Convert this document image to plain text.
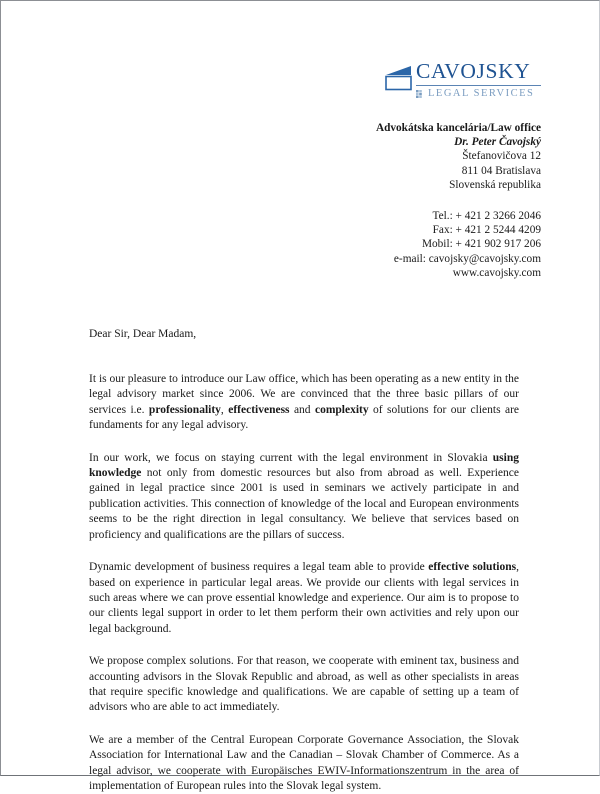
CAVOJSKY
LEGAL SERVICES
Advokátska kancelária/Law office
Dr. Peter Čavojský
Štefanovičova 12
811 04 Bratislava
Slovenská republika
Tel.: + 421 2 3266 2046
Fax: + 421 2 5244 4209
Mobil: + 421 902 917 206
e-mail: cavojsky@cavojsky.com
www.cavojsky.com
Dear Sir, Dear Madam,

It is our pleasure to introduce our Law office, which has been operating as a new entity in the legal advisory market since 2006. We are convinced that the three basic pillars of our services i.e. professionality, effectiveness and complexity of solutions for our clients are fundaments for any legal advisory.

In our work, we focus on staying current with the legal environment in Slovakia using knowledge not only from domestic resources but also from abroad as well. Experience gained in legal practice since 2001 is used in seminars we actively participate in and publication activities. This connection of knowledge of the local and European environments seems to be the right direction in legal consultancy. We believe that services based on proficiency and qualifications are the pillars of success.

Dynamic development of business requires a legal team able to provide effective solutions, based on experience in particular legal areas. We provide our clients with legal services in such areas where we can prove essential knowledge and experience. Our aim is to propose to our clients legal support in order to let them perform their own activities and rely upon our legal background.

We propose complex solutions. For that reason, we cooperate with eminent tax, business and accounting advisors in the Slovak Republic and abroad, as well as other specialists in areas that require specific knowledge and qualifications. We are capable of setting up a team of advisors who are able to act immediately.

We are a member of the Central European Corporate Governance Association, the Slovak Association for International Law and the Canadian – Slovak Chamber of Commerce. As a legal advisor, we cooperate with Europäisches EWIV-Informationszentrum in the area of implementation of European rules into the Slovak legal system.
